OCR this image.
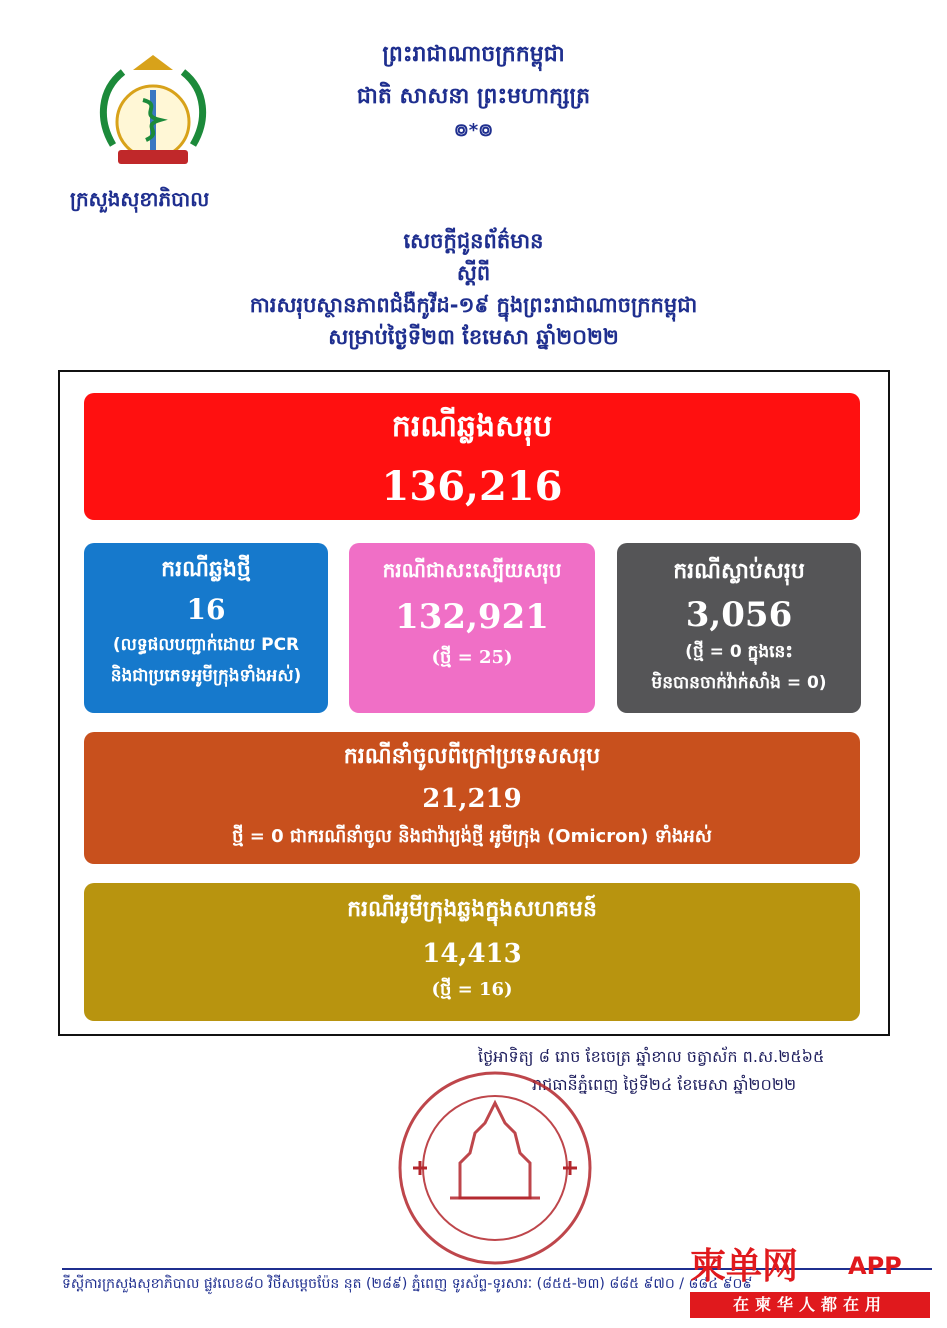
ព្រះរាជាណាចក្រកម្ពុជា
ជាតិ សាសនា ព្រះមហាក្សត្រ
៙*៙
ក្រសួងសុខាភិបាល
សេចក្តីជូនព័ត៌មាន
ស្តីពី
ការសរុបស្ថានភាពជំងឺកូវីដ-១៩ ក្នុងព្រះរាជាណាចក្រកម្ពុជា
សម្រាប់ថ្ងៃទី២៣ ខែមេសា ឆ្នាំ២០២២
ករណីឆ្លងសរុប
136,216
ករណីឆ្លងថ្មី
16
(លទ្ធផលបញ្ជាក់ដោយ PCR
និងជាប្រភេទអូមីក្រុងទាំងអស់)
ករណីជាសះស្បើយសរុប
132,921
(ថ្មី = 25)
ករណីស្លាប់សរុប
3,056
(ថ្មី = 0 ក្នុងនេះ
មិនបានចាក់វ៉ាក់សាំង = 0)
ករណីនាំចូលពីក្រៅប្រទេសសរុប
21,219
ថ្មី = 0 ជាករណីនាំចូល និងជាវ៉ារ្យង់ថ្មី អូមីក្រុង (Omicron) ទាំងអស់
ករណីអូមីក្រុងឆ្លងក្នុងសហគមន៍
14,413
(ថ្មី = 16)
ថ្ងៃអាទិត្យ ៨ រោច ខែចេត្រ ឆ្នាំខាល ចត្វាស័ក ព.ស.២៥៦៥
រាជធានីភ្នំពេញ ថ្ងៃទី២៤ ខែមេសា ឆ្នាំ២០២២
ទីស្តីការក្រសួងសុខាភិបាល ផ្លូវលេខ៨០ វិថីសម្ដេចប៉ែន នុត (២៨៩) ភ្នំពេញ ទូរស័ព្ទ-ទូរសារៈ (៨៥៥-២៣) ៨៨៥ ៩៧០ / ៨៨៤ ៩០៩
柬单网 APP
在柬华人都在用
